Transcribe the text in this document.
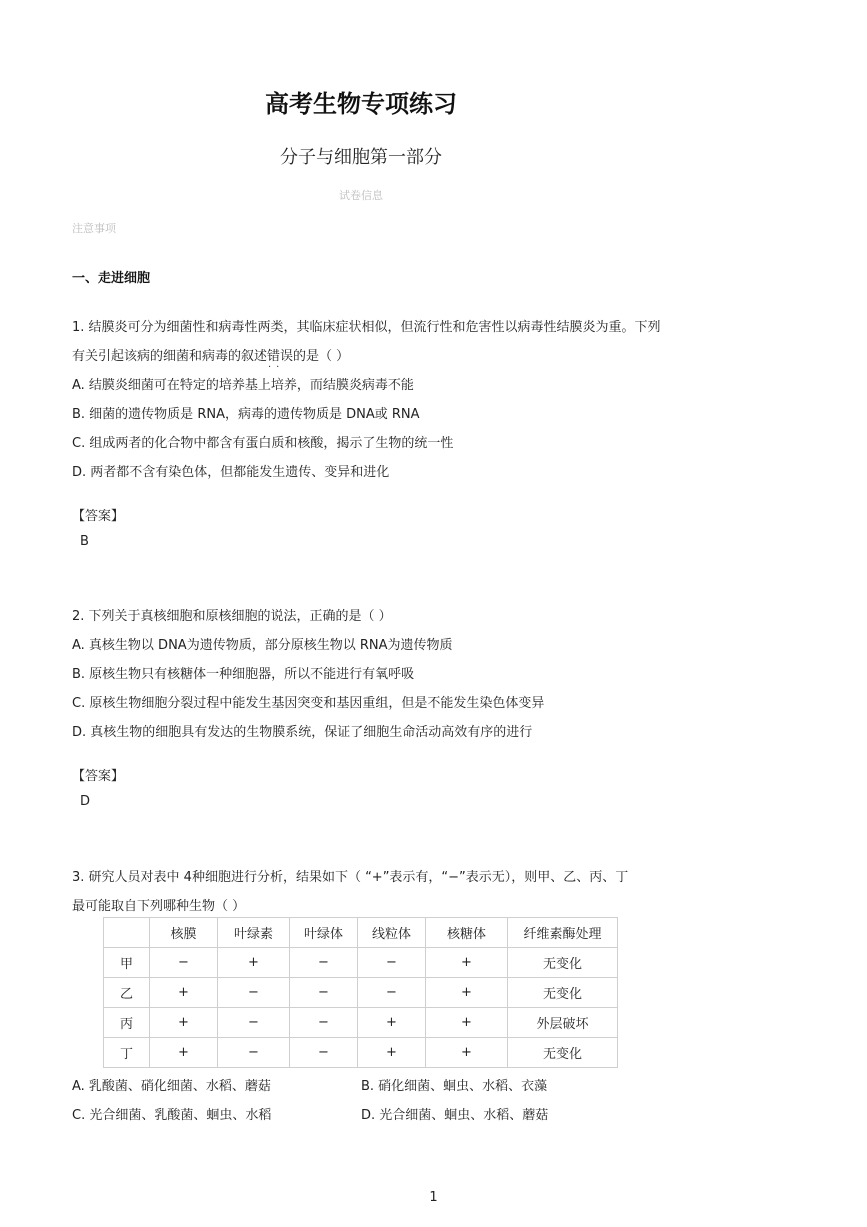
高考生物专项练习
分子与细胞第一部分
试卷信息
注意事项
一、走进细胞
1. 结膜炎可分为细菌性和病毒性两类，其临床症状相似，但流行性和危害性以病毒性结膜炎为重。下列
有关引起该病的细菌和病毒的叙述错误的是（ ）
··
A. 结膜炎细菌可在特定的培养基上培养，而结膜炎病毒不能
B. 细菌的遗传物质是 RNA，病毒的遗传物质是 DNA或 RNA
C. 组成两者的化合物中都含有蛋白质和核酸，揭示了生物的统一性
D. 两者都不含有染色体，但都能发生遗传、变异和进化
【答案】
B
2. 下列关于真核细胞和原核细胞的说法，正确的是（ ）
A. 真核生物以 DNA为遗传物质，部分原核生物以 RNA为遗传物质
B. 原核生物只有核糖体一种细胞器，所以不能进行有氧呼吸
C. 原核生物细胞分裂过程中能发生基因突变和基因重组，但是不能发生染色体变异
D. 真核生物的细胞具有发达的生物膜系统，保证了细胞生命活动高效有序的进行
【答案】
D
3. 研究人员对表中 4种细胞进行分析，结果如下（ “+”表示有，“−”表示无），则甲、乙、丙、丁
最可能取自下列哪种生物（ ）
	核膜	叶绿素	叶绿体	线粒体	核糖体	纤维素酶处理
甲	−	+	−	−	+	无变化
乙	+	−	−	−	+	无变化
丙	+	−	−	+	+	外层破坏
丁	+	−	−	+	+	无变化
A. 乳酸菌、硝化细菌、水稻、蘑菇	B. 硝化细菌、蛔虫、水稻、衣藻
C. 光合细菌、乳酸菌、蛔虫、水稻	D. 光合细菌、蛔虫、水稻、蘑菇
1
